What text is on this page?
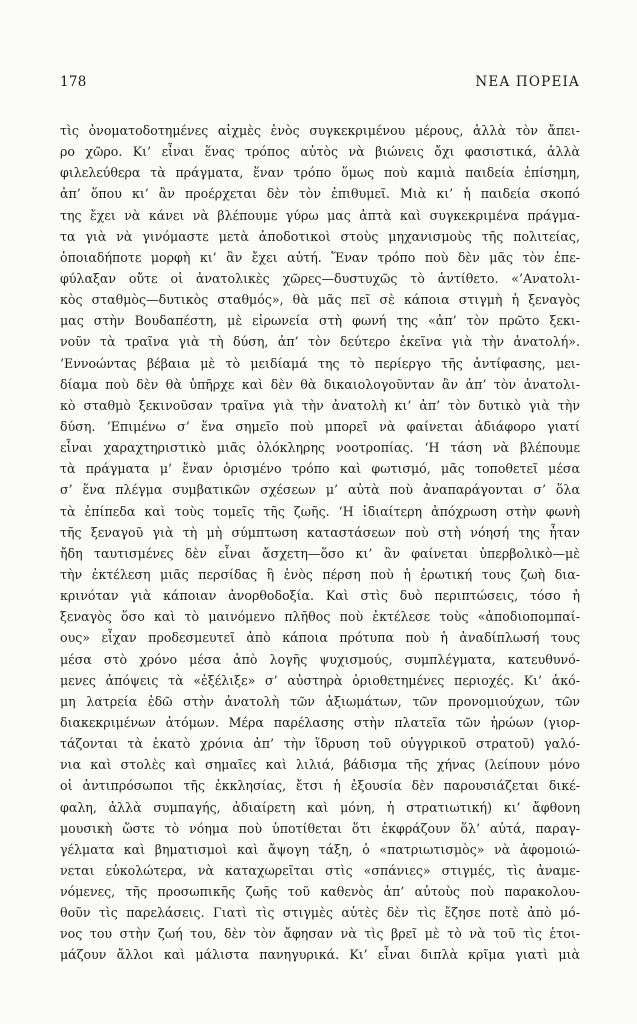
178	ΝΕΑ ΠΟΡΕΙΑ
τὶς ὀνοματοδοτημένες αἰχμὲς ἑνὸς συγκεκριμένου μέρους, ἀλλὰ τὸν ἄπει-
ρο χῶρο. Κι’ εἶναι ἕνας τρόπος αὐτὸς νὰ βιώνεις ὄχι φασιστικά, ἀλλὰ
φιλελεύθερα τὰ πράγματα, ἕναν τρόπο ὅμως ποὺ καμιὰ παιδεία ἐπίσημη,
ἀπ’ ὅπου κι’ ἂν προέρχεται δὲν τὸν ἐπιθυμεῖ. Μιὰ κι’ ἡ παιδεία σκοπό
της ἔχει νὰ κάνει νὰ βλέπουμε γύρω μας ἀπτὰ καὶ συγκεκριμένα πράγμα-
τα γιὰ νὰ γινόμαστε μετὰ ἀποδοτικοὶ στοὺς μηχανισμοὺς τῆς πολιτείας,
ὁποιαδήποτε μορφὴ κι’ ἂν ἔχει αὐτή. Ἕναν τρόπο ποὺ δὲν μᾶς τὸν ἐπε-
φύλαξαν οὔτε οἱ ἀνατολικὲς χῶρες—δυστυχῶς τὸ ἀντίθετο. «’Ανατολι-
κὸς σταθμὸς—δυτικὸς σταθμός», θὰ μᾶς πεῖ σὲ κάποια στιγμὴ ἡ ξεναγὸς
μας στὴν Βουδαπέστη, μὲ εἰρωνεία στὴ φωνή της «ἀπ’ τὸν πρῶτο ξεκι-
νοῦν τὰ τραῖνα γιὰ τὴ δύση, ἀπ’ τὸν δεύτερο ἐκεῖνα γιὰ τὴν ἀνατολή».
’Εννοώντας βέβαια μὲ τὸ μειδίαμά της τὸ περίεργο τῆς ἀντίφασης, μει-
δίαμα ποὺ δὲν θὰ ὑπῆρχε καὶ δὲν θὰ δικαιολογοῦνταν ἂν ἀπ’ τὸν ἀνατολι-
κὸ σταθμὸ ξεκινοῦσαν τραῖνα γιὰ τὴν ἀνατολὴ κι’ ἀπ’ τὸν δυτικὸ γιὰ τὴν
δύση. ’Επιμένω σ’ ἕνα σημεῖο ποὺ μπορεῖ νὰ φαίνεται ἀδιάφορο γιατί
εἶναι χαραχτηριστικὸ μιᾶς ὁλόκληρης νοοτροπίας. ‘Η τάση νὰ βλέπουμε
τὰ πράγματα μ’ ἕναν ὁρισμένο τρόπο καὶ φωτισμό, μᾶς τοποθετεῖ μέσα
σ’ ἕνα πλέγμα συμβατικῶν σχέσεων μ’ αὐτὰ ποὺ ἀναπαράγονται σ’ ὅλα
τὰ ἐπίπεδα καὶ τοὺς τομεῖς τῆς ζωῆς. ‘Η ἰδιαίτερη ἀπόχρωση στὴν φωνὴ
τῆς ξεναγοῦ γιὰ τὴ μὴ σύμπτωση καταστάσεων ποὺ στὴ νόησή της ἦταν
ἤδη ταυτισμένες δὲν εἶναι ἄσχετη—ὅσο κι’ ἂν φαίνεται ὑπερβολικὸ—μὲ
τὴν ἐκτέλεση μιᾶς περσίδας ἢ ἑνὸς πέρση ποὺ ἡ ἐρωτική τους ζωὴ δια-
κρινόταν γιὰ κάποιαν ἀνορθοδοξία. Καὶ στὶς δυὸ περιπτώσεις, τόσο ἡ
ξεναγὸς ὅσο καὶ τὸ μαινόμενο πλῆθος ποὺ ἐκτέλεσε τοὺς «ἀποδιοπομπαί-
ους» εἶχαν προδεσμευτεῖ ἀπὸ κάποια πρότυπα ποὺ ἡ ἀναδίπλωσή τους
μέσα στὸ χρόνο μέσα ἀπὸ λογῆς ψυχισμούς, συμπλέγματα, κατευθυνό-
μενες ἀπόψεις τὰ «ἐξέλιξε» σ’ αὐστηρὰ ὁριοθετημένες περιοχές. Κι’ ἀκό-
μη λατρεία ἐδῶ στὴν ἀνατολὴ τῶν ἀξιωμάτων, τῶν προνομιούχων, τῶν
διακεκριμένων ἀτόμων. Μέρα παρέλασης στὴν πλατεῖα τῶν ἡρώων (γιορ-
τάζονται τὰ ἑκατὸ χρόνια ἀπ’ τὴν ἵδρυση τοῦ οὐγγρικοῦ στρατοῦ) γαλό-
νια καὶ στολὲς καὶ σημαῖες καὶ λιλιά, βάδισμα τῆς χήνας (λείπουν μόνο
οἱ ἀντιπρόσωποι τῆς ἐκκλησίας, ἔτσι ἡ ἐξουσία δὲν παρουσιάζεται δικέ-
φαλη, ἀλλὰ συμπαγής, ἀδιαίρετη καὶ μόνη, ἡ στρατιωτική) κι’ ἄφθονη
μουσικὴ ὥστε τὸ νόημα ποὺ ὑποτίθεται ὅτι ἐκφράζουν ὅλ’ αὐτά, παραγ-
γέλματα καὶ βηματισμοὶ καὶ ἄψογη τάξη, ὁ «πατριωτισμὸς» νὰ ἀφομοιώ-
νεται εὐκολώτερα, νὰ καταχωρεῖται στὶς «σπάνιες» στιγμές, τὶς ἀναμε-
νόμενες, τῆς προσωπικῆς ζωῆς τοῦ καθενὸς ἀπ’ αὐτοὺς ποὺ παρακολου-
θοῦν τὶς παρελάσεις. Γιατὶ τὶς στιγμὲς αὐτὲς δὲν τὶς ἔζησε ποτὲ ἀπὸ μό-
νος του στὴν ζωή του, δὲν τὸν ἄφησαν νὰ τὶς βρεῖ μὲ τὸ νὰ τοῦ τὶς ἑτοι-
μάζουν ἄλλοι καὶ μάλιστα πανηγυρικά. Κι’ εἶναι διπλὰ κρῖμα γιατὶ μιὰ
